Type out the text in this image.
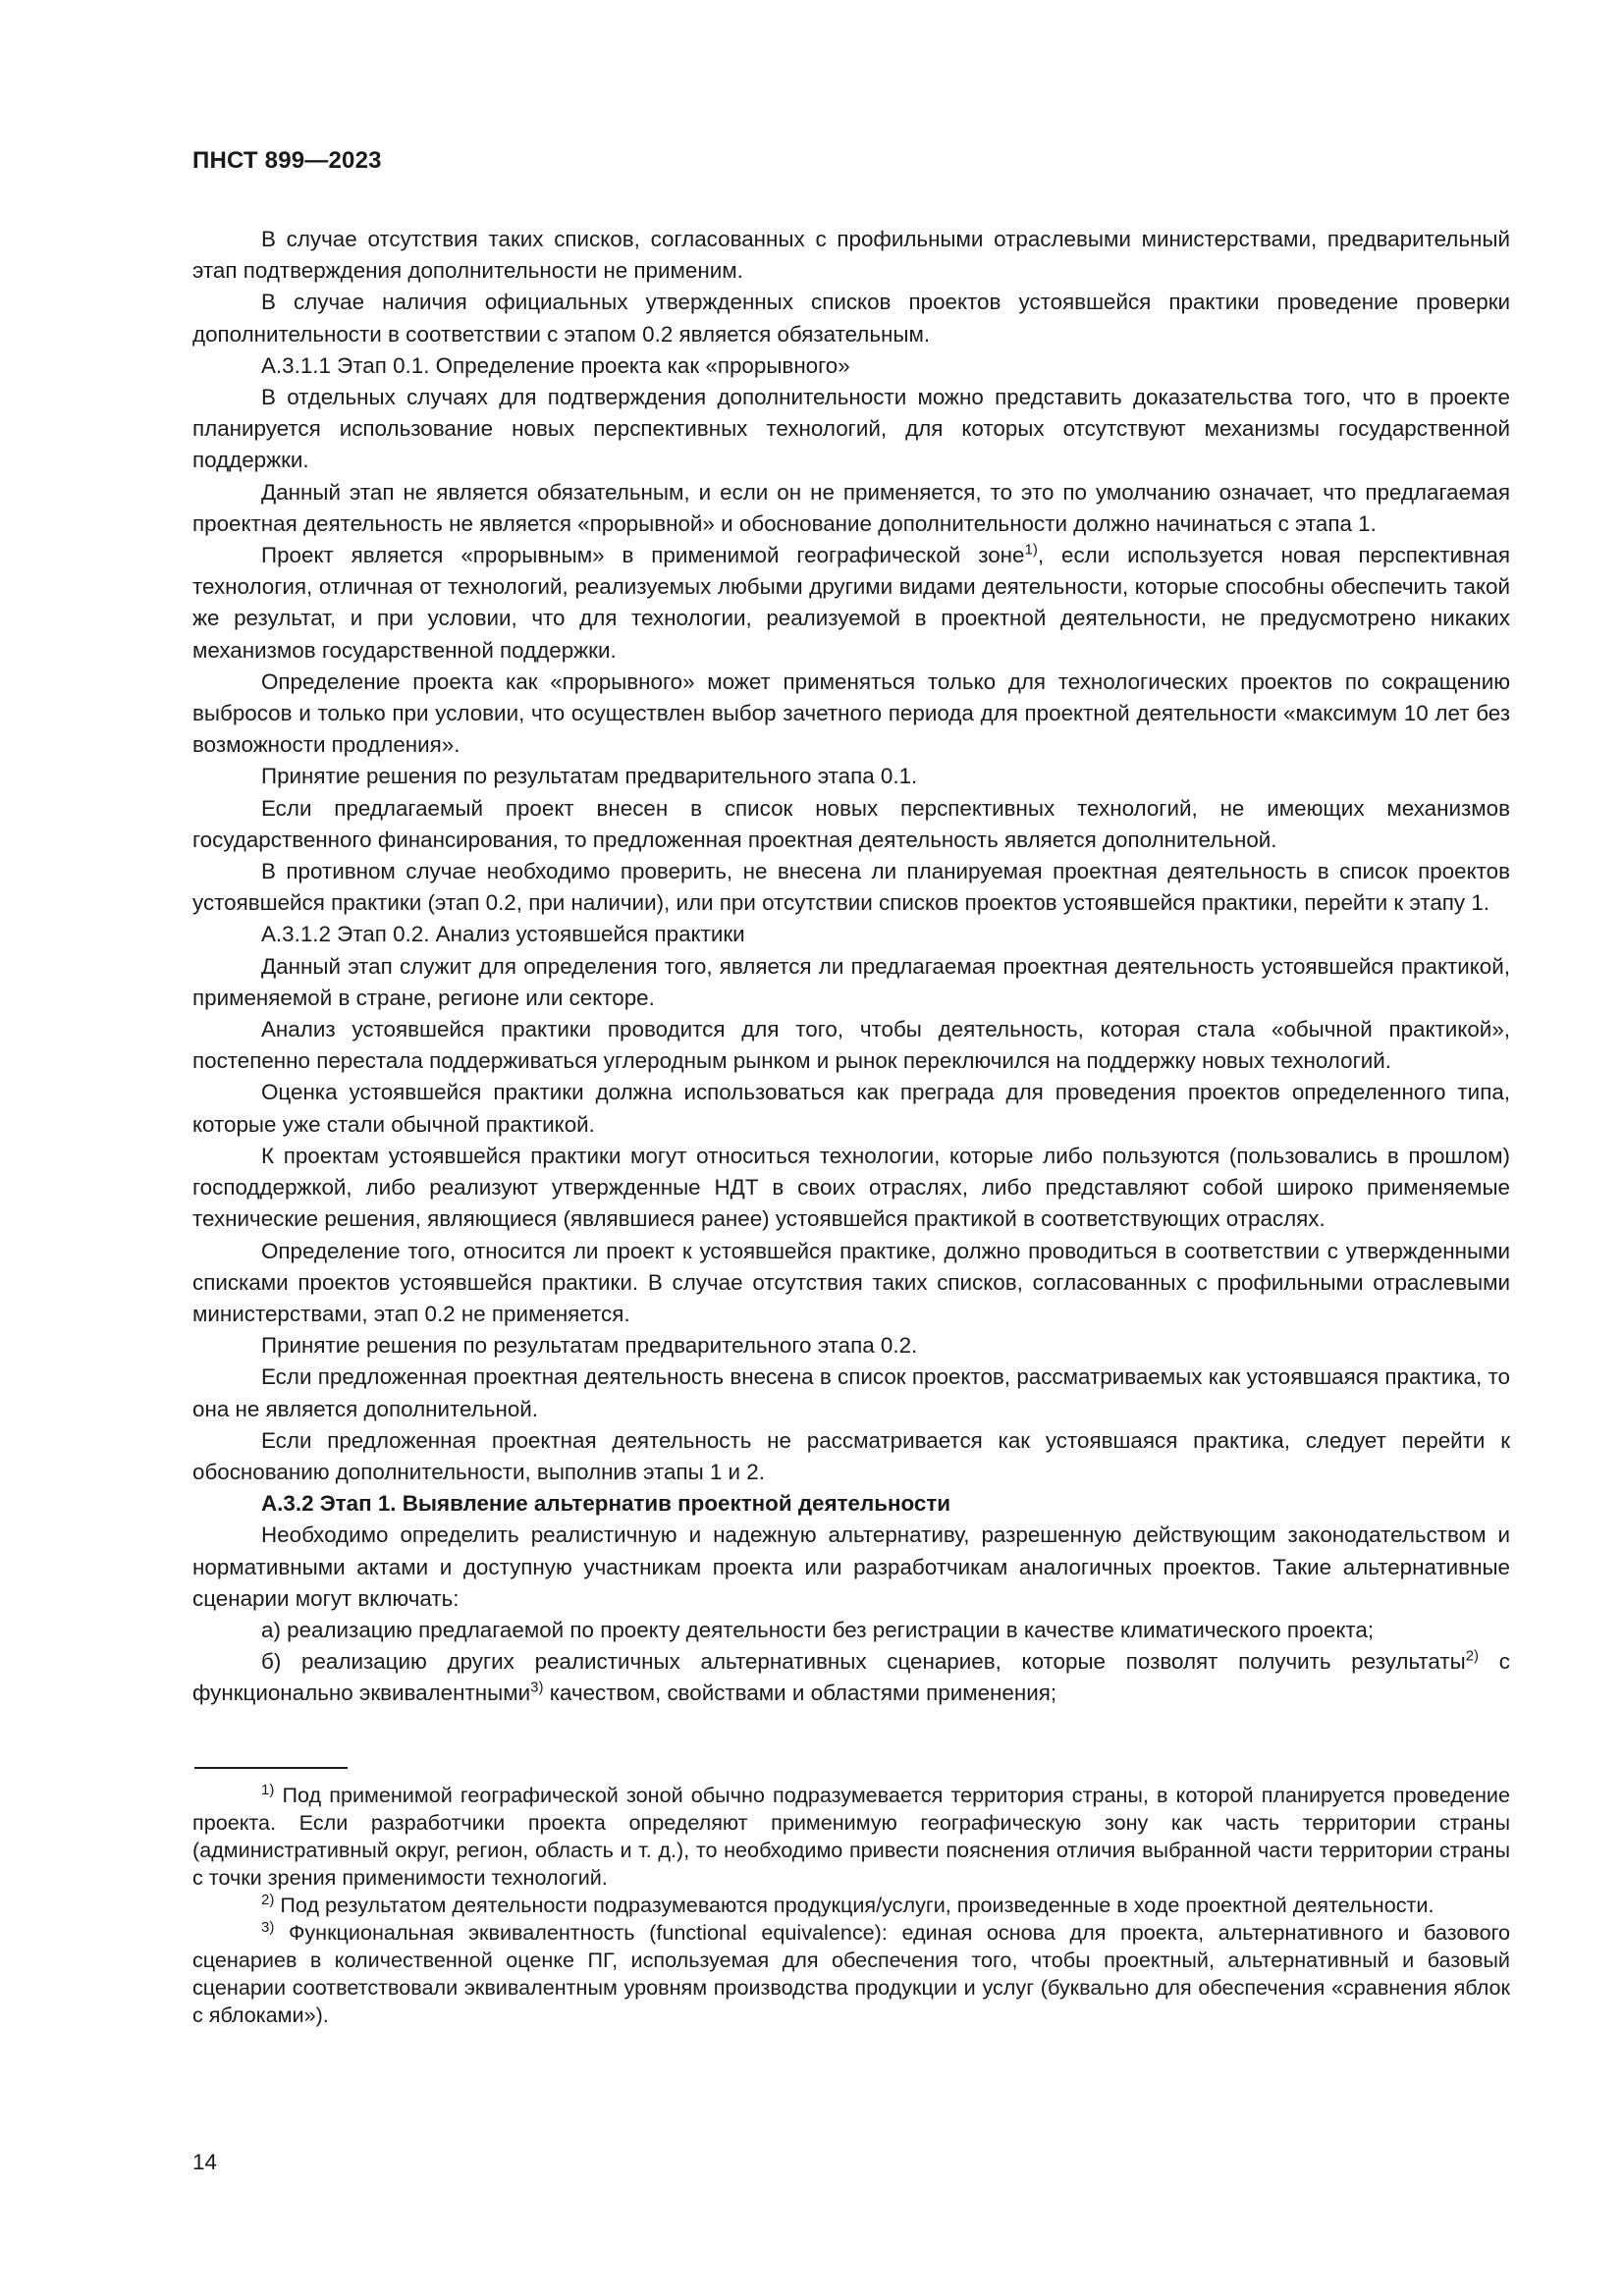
ПНСТ 899—2023

В случае отсутствия таких списков, согласованных с профильными отраслевыми министерствами, предварительный этап подтверждения дополнительности не применим.

В случае наличия официальных утвержденных списков проектов устоявшейся практики проведение проверки дополнительности в соответствии с этапом 0.2 является обязательным.

А.3.1.1 Этап 0.1. Определение проекта как «прорывного»

В отдельных случаях для подтверждения дополнительности можно представить доказательства того, что в проекте планируется использование новых перспективных технологий, для которых отсутствуют механизмы государственной поддержки.

Данный этап не является обязательным, и если он не применяется, то это по умолчанию означает, что предлагаемая проектная деятельность не является «прорывной» и обоснование дополнительности должно начинаться с этапа 1.

Проект является «прорывным» в применимой географической зоне$^{1)}$, если используется новая перспективная технология, отличная от технологий, реализуемых любыми другими видами деятельности, которые способны обеспечить такой же результат, и при условии, что для технологии, реализуемой в проектной деятельности, не предусмотрено никаких механизмов государственной поддержки.

Определение проекта как «прорывного» может применяться только для технологических проектов по сокращению выбросов и только при условии, что осуществлен выбор зачетного периода для проектной деятельности «максимум 10 лет без возможности продления».

Принятие решения по результатам предварительного этапа 0.1.

Если предлагаемый проект внесен в список новых перспективных технологий, не имеющих механизмов государственного финансирования, то предложенная проектная деятельность является дополнительной.

В противном случае необходимо проверить, не внесена ли планируемая проектная деятельность в список проектов устоявшейся практики (этап 0.2, при наличии), или при отсутствии списков проектов устоявшейся практики, перейти к этапу 1.

А.3.1.2 Этап 0.2. Анализ устоявшейся практики

Данный этап служит для определения того, является ли предлагаемая проектная деятельность устоявшейся практикой, применяемой в стране, регионе или секторе.

Анализ устоявшейся практики проводится для того, чтобы деятельность, которая стала «обычной практикой», постепенно перестала поддерживаться углеродным рынком и рынок переключился на поддержку новых технологий.

Оценка устоявшейся практики должна использоваться как преграда для проведения проектов определенного типа, которые уже стали обычной практикой.

К проектам устоявшейся практики могут относиться технологии, которые либо пользуются (пользовались в прошлом) господдержкой, либо реализуют утвержденные НДТ в своих отраслях, либо представляют собой широко применяемые технические решения, являющиеся (являвшиеся ранее) устоявшейся практикой в соответствующих отраслях.

Определение того, относится ли проект к устоявшейся практике, должно проводиться в соответствии с утвержденными списками проектов устоявшейся практики. В случае отсутствия таких списков, согласованных с профильными отраслевыми министерствами, этап 0.2 не применяется.

Принятие решения по результатам предварительного этапа 0.2.

Если предложенная проектная деятельность внесена в список проектов, рассматриваемых как устоявшаяся практика, то она не является дополнительной.

Если предложенная проектная деятельность не рассматривается как устоявшаяся практика, следует перейти к обоснованию дополнительности, выполнив этапы 1 и 2.

А.3.2 Этап 1. Выявление альтернатив проектной деятельности

Необходимо определить реалистичную и надежную альтернативу, разрешенную действующим законодательством и нормативными актами и доступную участникам проекта или разработчикам аналогичных проектов. Такие альтернативные сценарии могут включать:

а) реализацию предлагаемой по проекту деятельности без регистрации в качестве климатического проекта;

б) реализацию других реалистичных альтернативных сценариев, которые позволят получить результаты$^{2)}$ с функционально эквивалентными$^{3)}$ качеством, свойствами и областями применения;

$^{1)}$ Под применимой географической зоной обычно подразумевается территория страны, в которой планируется проведение проекта. Если разработчики проекта определяют применимую географическую зону как часть территории страны (административный округ, регион, область и т. д.), то необходимо привести пояснения отличия выбранной части территории страны с точки зрения применимости технологий.

$^{2)}$ Под результатом деятельности подразумеваются продукция/услуги, произведенные в ходе проектной деятельности.

$^{3)}$ Функциональная эквивалентность (functional equivalence): единая основа для проекта, альтернативного и базового сценариев в количественной оценке ПГ, используемая для обеспечения того, чтобы проектный, альтернативный и базовый сценарии соответствовали эквивалентным уровням производства продукции и услуг (буквально для обеспечения «сравнения яблок с яблоками»).

14
